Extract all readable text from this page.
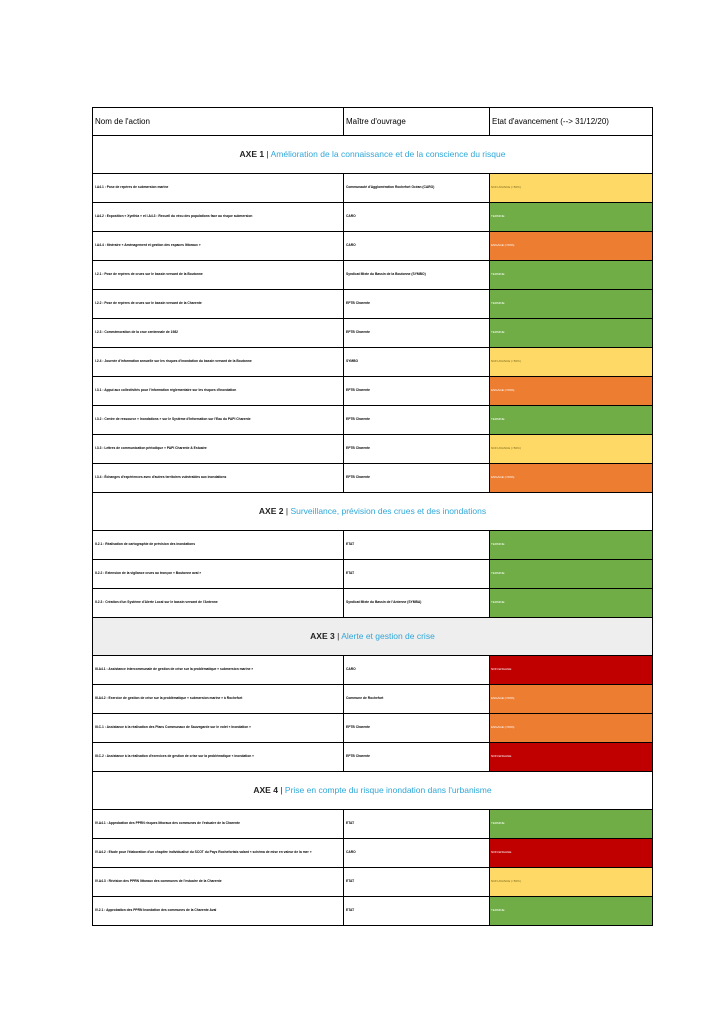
Nom de l'action	Maître d'ouvrage	Etat d'avancement (--> 31/12/20)
AXE 1 | Amélioration de la connaissance et de la conscience du risque		
I.A4.1 : Pose de repères de submersion marine	Communauté d'Agglomération Rochefort Océan (CARO)	NON AVANCE (<50%)
I.A4.2 : Exposition « Xynthia » et I.A4.3 : Recueil du vécu des populations face au risque submersion	CARO	TERMINE
I.A4.4 : Itinéraire « Aménagement et gestion des espaces littoraux »	CARO	ENGAGE (>50%)
I.2.1 : Pose de repères de crues sur le bassin versant de la Boutonne	Syndicat Mixte du Bassin de la Boutonne (SYMBO)	TERMINE
I.2.2 : Pose de repères de crues sur le bassin versant de la Charente	EPTB Charente	TERMINE
I.2.3 : Commémoration de la crue centennale de 1982	EPTB Charente	TERMINE
I.2.4 : Journée d'information annuelle sur les risques d'inondation du bassin versant de la Boutonne	SYMBO	NON AVANCE (<50%)
I.3.1 : Appui aux collectivités pour l'information réglementaire sur les risques d'inondation	EPTB Charente	ENGAGE (>50%)
I.3.2 : Centre de ressource « Inondations » sur le Système d'Information sur l'Eau du PAPI Charente	EPTB Charente	TERMINE
I.3.3 : Lettres de communication périodique « PAPI Charente & Estuaire	EPTB Charente	NON AVANCE (<50%)
I.3.4 : Échanges d'expériences avec d'autres territoires vulnérables aux inondations	EPTB Charente	ENGAGE (>50%)
AXE 2 | Surveillance, prévision des crues et des inondations		
II.2.1 : Réalisation de cartographie de prévision des inondations	ETAT	TERMINE
II.2.2 : Extension de la vigilance crues au tronçon « Boutonne aval »	ETAT	TERMINE
II.2.3 : Création d'un Système d'Alerte Local sur le bassin versant de l'Antenne	Syndicat Mixte du Bassin de l'Antenne (SYMBA)	TERMINE
AXE 3 | Alerte et gestion de crise		
III.A4.1 : Assistance intercommunale de gestion de crise sur la problématique « submersion marine »	CARO	NON ENGAGE
III.A4.2 : Exercice de gestion de crise sur la problématique « submersion marine » à Rochefort	Commune de Rochefort	ENGAGE (>50%)
III.C.1 : Assistance à la réalisation des Plans Communaux de Sauvegarde sur le volet « Inondation »	EPTB Charente	ENGAGE (>50%)
III.C.2 : Assistance à la réalisation d'exercices de gestion de crise sur la problématique « inondation »	EPTB Charente	NON ENGAGE
AXE 4 | Prise en compte du risque inondation dans l'urbanisme		
IV.A4.1 : Approbation des PPRN risques littoraux des communes de l'estuaire de la Charente	ETAT	TERMINE
IV.A4.2 : Etude pour l'élaboration d'un chapitre individualisé du SCOT du Pays Rochefortais valant « schéma de mise en valeur de la mer »	CARO	NON ENGAGE
IV.A4.3 : Révision des PPRN littoraux des communes de l'estuaire de la Charente	ETAT	NON AVANCE (<50%)
IV.2.1 : Approbation des PPRN Inondation des communes de la Charente Aval	ETAT	TERMINE
